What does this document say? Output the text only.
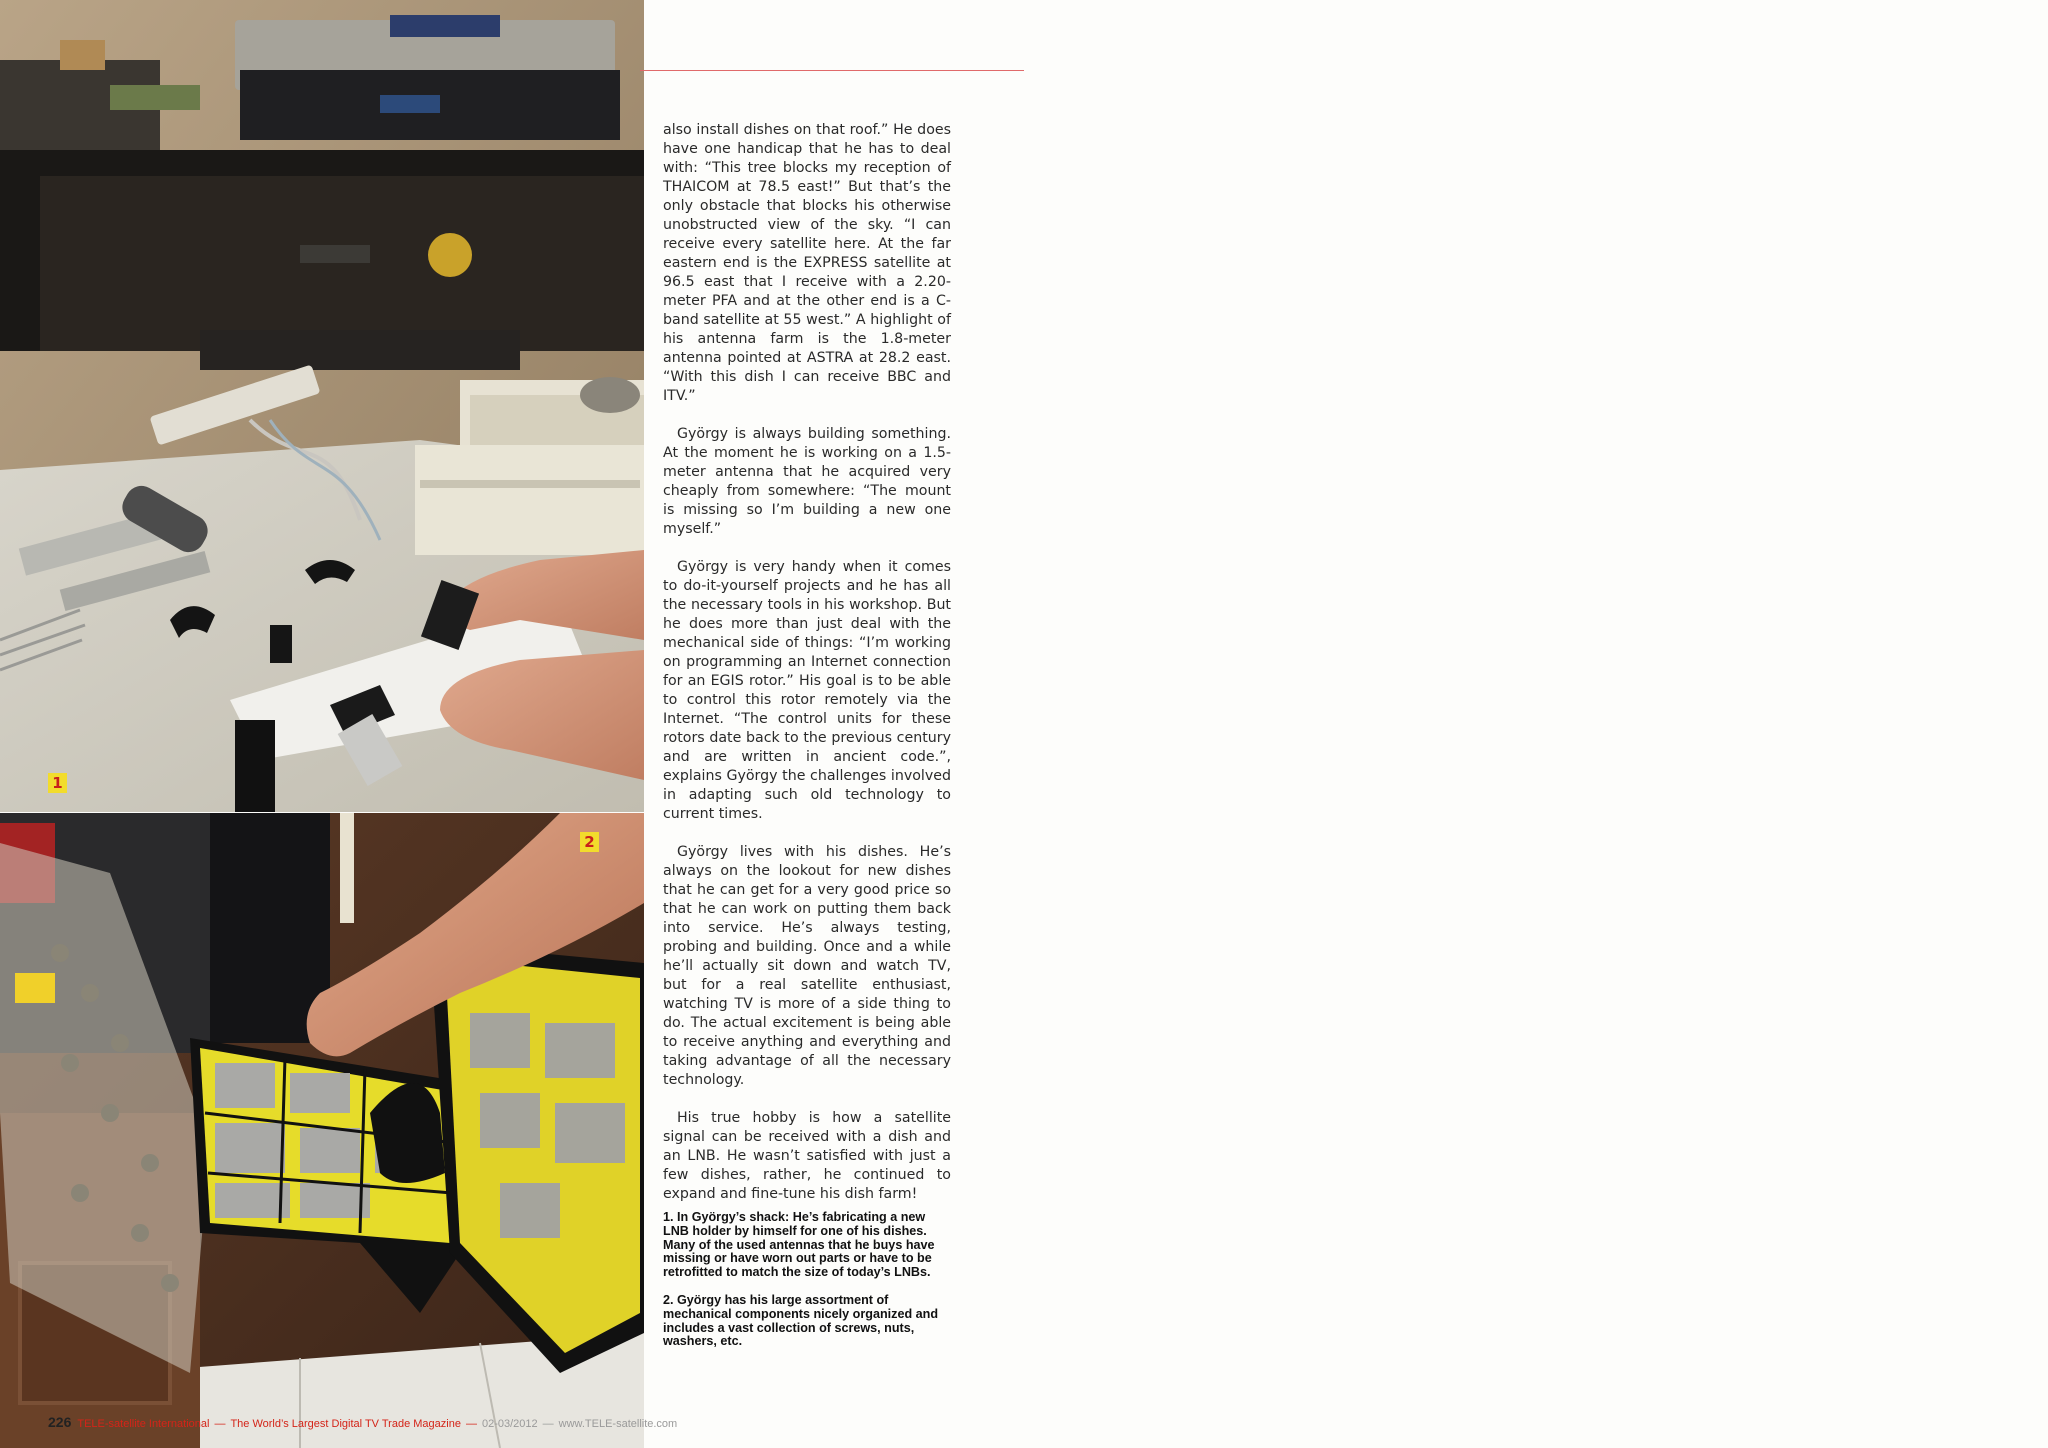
1
2

also install dishes on that roof.” He does have one handicap that he has to deal with: “This tree blocks my reception of THAICOM at 78.5 east!” But that’s the only obstacle that blocks his otherwise unobstructed view of the sky. “I can receive every satellite here. At the far eastern end is the EXPRESS satellite at 96.5 east that I receive with a 2.20-meter PFA and at the other end is a C-band satellite at 55 west.” A highlight of his antenna farm is the 1.8-meter antenna pointed at ASTRA at 28.2 east. “With this dish I can receive BBC and ITV.”

György is always building something. At the moment he is working on a 1.5-meter antenna that he acquired very cheaply from somewhere: “The mount is missing so I’m building a new one myself.”

György is very handy when it comes to do-it-yourself projects and he has all the necessary tools in his workshop. But he does more than just deal with the mechanical side of things: “I’m working on programming an Internet connection for an EGIS rotor.” His goal is to be able to control this rotor remotely via the Internet. “The control units for these rotors date back to the previous century and are written in ancient code.”, explains György the challenges involved in adapting such old technology to current times.

György lives with his dishes. He’s always on the lookout for new dishes that he can get for a very good price so that he can work on putting them back into service. He’s always testing, probing and building. Once and a while he’ll actually sit down and watch TV, but for a real satellite enthusiast, watching TV is more of a side thing to do. The actual excitement is being able to receive anything and everything and taking advantage of all the necessary technology.

His true hobby is how a satellite signal can be received with a dish and an LNB. He wasn’t satisfied with just a few dishes, rather, he continued to expand and fine-tune his dish farm!

1. In György’s shack: He’s fabricating a new LNB holder by himself for one of his dishes. Many of the used antennas that he buys have missing or have worn out parts or have to be retrofitted to match the size of today’s LNBs.

2. György has his large assortment of mechanical components nicely organized and includes a vast collection of screws, nuts, washers, etc.

226 TELE-satellite International — The World’s Largest Digital TV Trade Magazine — 02-03/2012 — www.TELE-satellite.com
